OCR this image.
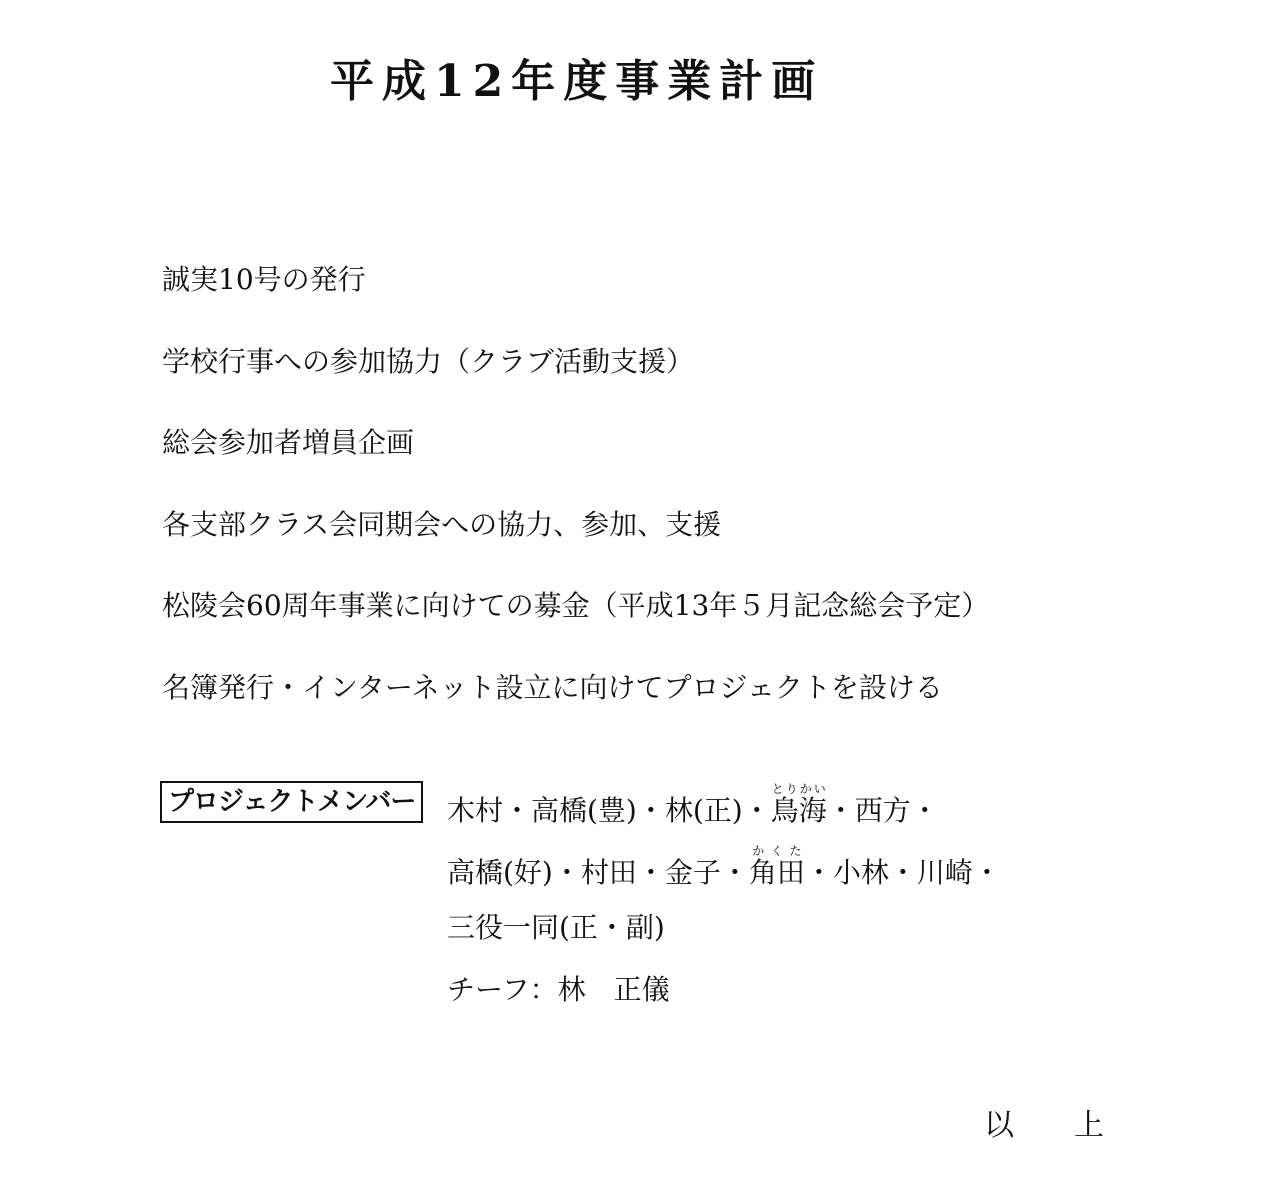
平成12年度事業計画
誠実10号の発行
学校行事への参加協力（クラブ活動支援）
総会参加者増員企画
各支部クラス会同期会への協力、参加、支援
松陵会60周年事業に向けての募金（平成13年５月記念総会予定）
名簿発行・インターネット設立に向けてプロジェクトを設ける
プロジェクトメンバー 木村・高橋(豊)・林(正)・鳥海とりかい・西方・
高橋(好)・村田・金子・角田かくた・小林・川崎・
三役一同(正・副)
チーフ：林　正儀
以 上
